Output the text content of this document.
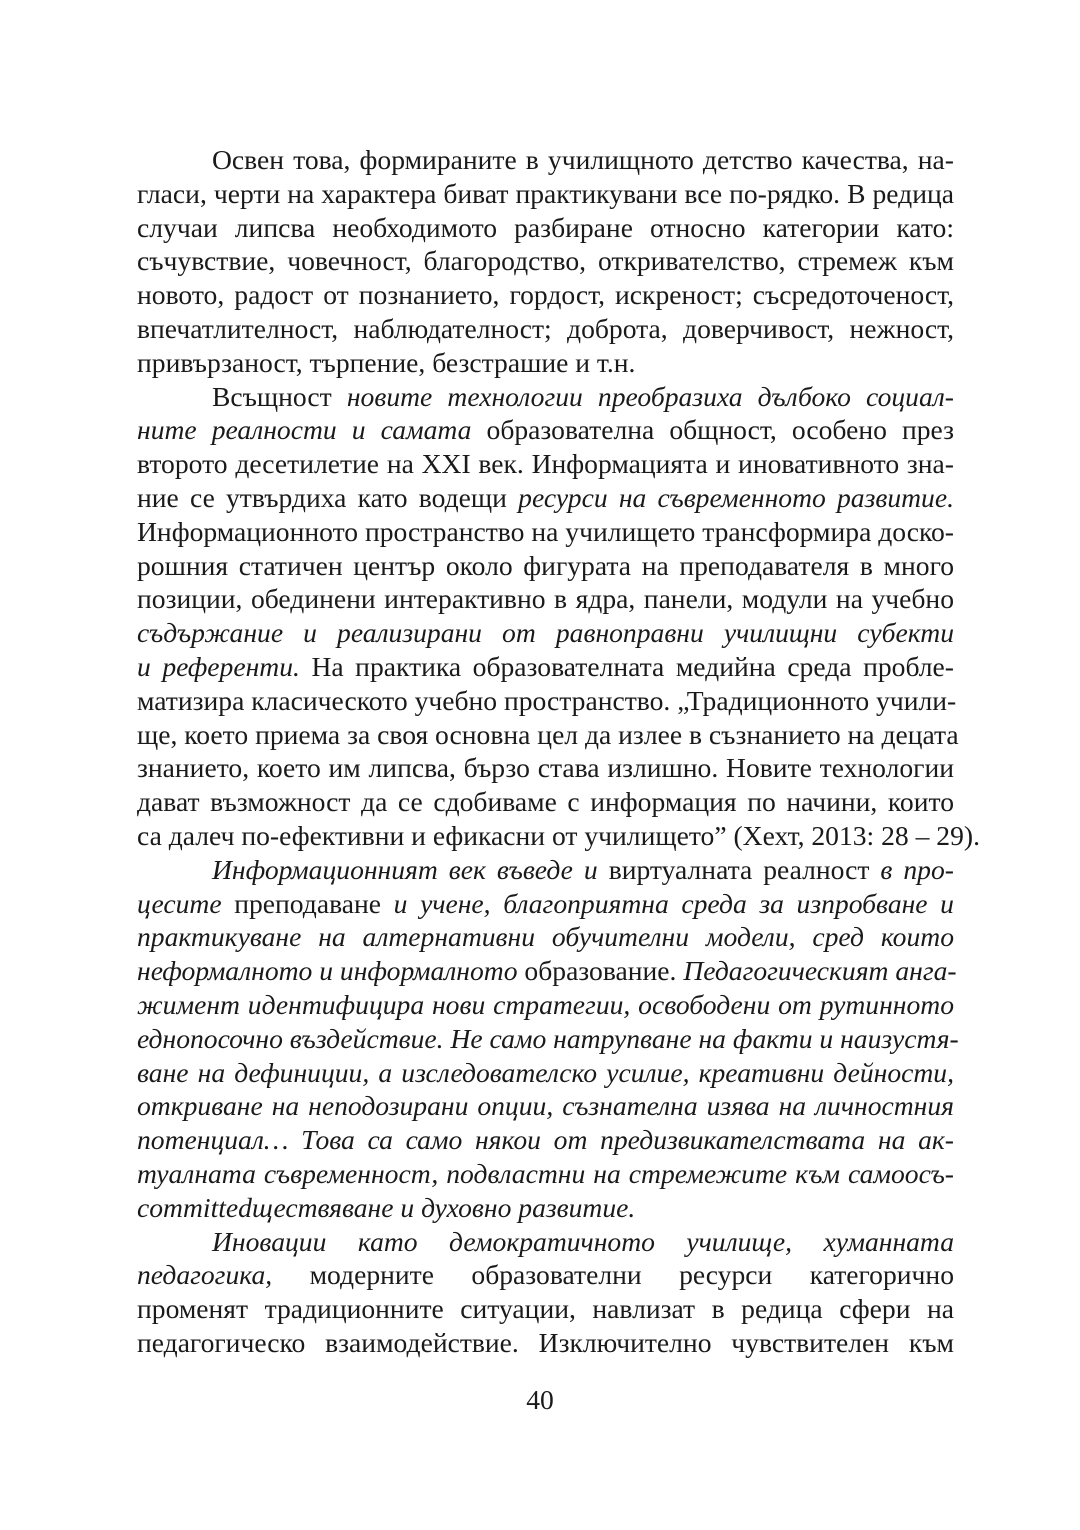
Освен това, формираните в училищното детство качества, на-
гласи, черти на характера биват практикувани все по-рядко. В редица
случаи липсва необходимото разбиране относно категории като:
съчувствие, човечност, благородство, откривателство, стремеж към
новото, радост от познанието, гордост, искреност; съсредоточеност,
впечатлителност, наблюдателност; доброта, доверчивост, нежност,
привързаност, търпение, безстрашие и т.н.
Всъщност новите технологии преобразиха дълбоко социал-
ните реалности и самата образователна общност, особено през
второто десетилетие на XXI век. Информацията и иновативното зна-
ние се утвърдиха като водещи ресурси на съвременното развитие.
Информационното пространство на училището трансформира доско-
рошния статичен център около фигурата на преподавателя в много
позиции, обединени интерактивно в ядра, панели, модули на учебно
съдържание и реализирани от равноправни училищни субекти
и референти. На практика образователната медийна среда пробле-
матизира класическото учебно пространство. „Традиционното учили-
ще, което приема за своя основна цел да излее в съзнанието на децата
знанието, което им липсва, бързо става излишно. Новите технологии
дават възможност да се сдобиваме с информация по начини, които
са далеч по-ефективни и ефикасни от училището” (Хехт, 2013: 28 – 29).
Информационният век въведе и виртуалната реалност в про-
цесите преподаване и учене, благоприятна среда за изпробване и
практикуване на алтернативни обучителни модели, сред които
неформалното и информалното образование. Педагогическият анга-
жимент идентифицира нови стратегии, освободени от рутинното
еднопосочно въздействие. Не само натрупване на факти и наизустя-
ване на дефиниции, а изследователско усилие, креативни дейности,
откриване на неподозирани опции, съзнателна изява на личностния
потенциал… Това са само някои от предизвикателствата на ак-
туалната съвременност, подвластни на стремежите към самоосъ-
committedществяване и духовно развитие.
Иновации като демократичното училище, хуманната
педагогика, модерните образователни ресурси категорично
променят традиционните ситуации, навлизат в редица сфери на
педагогическо взаимодействие. Изключително чувствителен към
40
